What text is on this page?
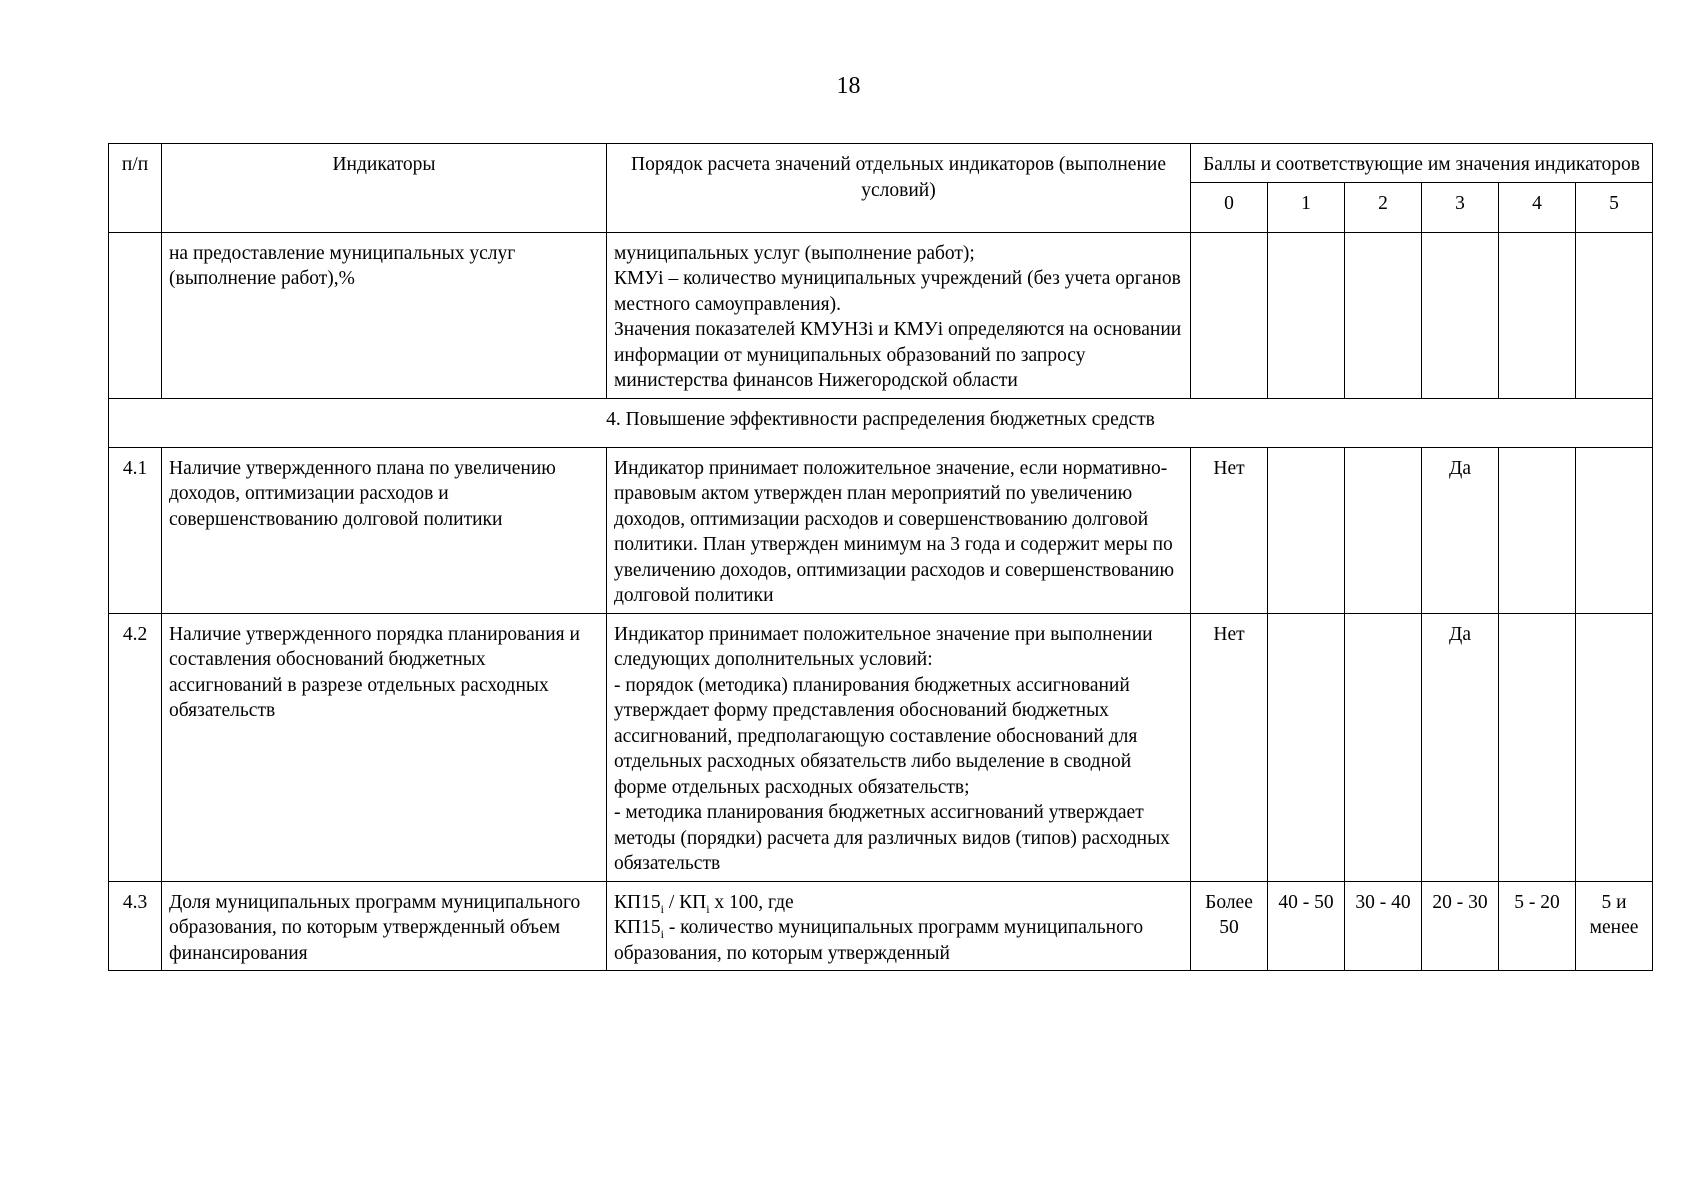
18
п/п	Индикаторы	Порядок расчета значений отдельных индикаторов (выполнение условий)	Баллы и соответствующие им значения индикаторов					
			0	1	2	3	4	5
	на предоставление муниципальных услуг (выполнение работ),%	муниципальных услуг (выполнение работ);
КМУi – количество муниципальных учреждений (без учета органов местного самоуправления).
Значения показателей КМУНЗi и КМУi определяются на основании информации от муниципальных образований по запросу министерства финансов Нижегородской области						

4. Повышение эффективности распределения бюджетных средств								
4.1	Наличие утвержденного плана по увеличению доходов, оптимизации расходов и совершенствованию долговой политики	Индикатор принимает положительное значение, если нормативно-правовым актом утвержден план мероприятий по увеличению доходов, оптимизации расходов и совершенствованию долговой политики. План утвержден минимум на 3 года и содержит меры по увеличению доходов, оптимизации расходов и совершенствованию долговой политики	Нет			Да		
4.2	Наличие утвержденного порядка планирования и составления обоснований бюджетных ассигнований в разрезе отдельных расходных обязательств	Индикатор принимает положительное значение при выполнении следующих дополнительных условий:
- порядок (методика) планирования бюджетных ассигнований утверждает форму представления обоснований бюджетных ассигнований, предполагающую составление обоснований для отдельных расходных обязательств либо выделение в сводной форме отдельных расходных обязательств;
- методика планирования бюджетных ассигнований утверждает методы (порядки) расчета для различных видов (типов) расходных обязательств	Нет			Да		
4.3	Доля муниципальных программ муниципального образования, по которым утвержденный объем финансирования	$КП15_i / КП_i$ х 100, где
$КП15_i$ - количество муниципальных программ муниципального образования, по которым утвержденный	Более 50	40 - 50	30 - 40	20 - 30	5 - 20	5 и менее
